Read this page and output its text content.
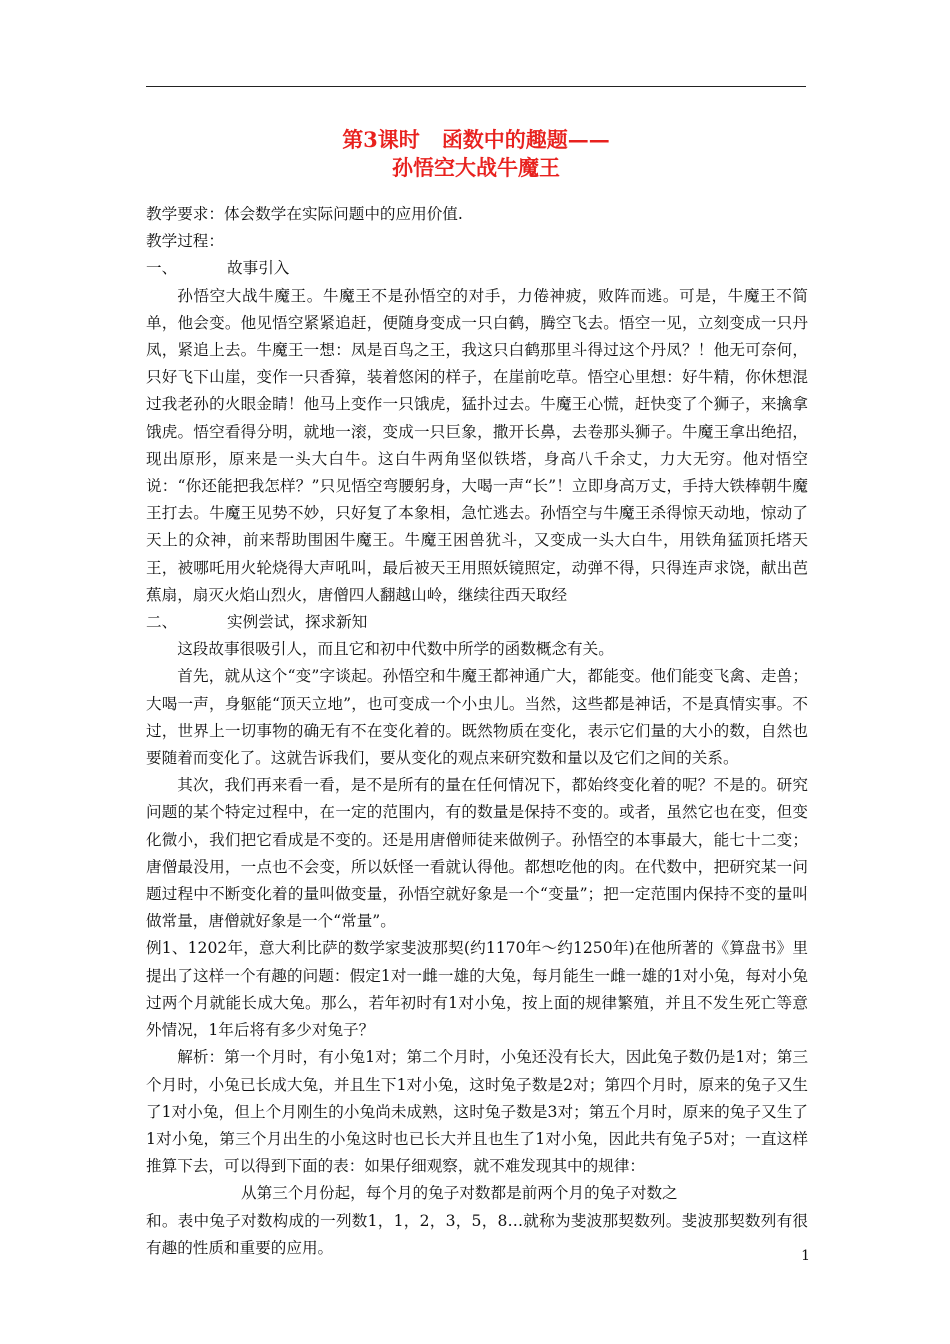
第3课时 函数中的趣题——
孙悟空大战牛魔王

教学要求：体会数学在实际问题中的应用价值.

教学过程：

一、	故事引入

孙悟空大战牛魔王。牛魔王不是孙悟空的对手，力倦神疲，败阵而逃。可是，牛魔王不简单，他会变。他见悟空紧紧追赶，便随身变成一只白鹤，腾空飞去。悟空一见，立刻变成一只丹凤，紧追上去。牛魔王一想：凤是百鸟之王，我这只白鹤那里斗得过这个丹凤？！他无可奈何，只好飞下山崖，变作一只香獐，装着悠闲的样子，在崖前吃草。悟空心里想：好牛精，你休想混过我老孙的火眼金睛！他马上变作一只饿虎，猛扑过去。牛魔王心慌，赶快变了个狮子，来擒拿饿虎。悟空看得分明，就地一滚，变成一只巨象，撒开长鼻，去卷那头狮子。牛魔王拿出绝招，现出原形，原来是一头大白牛。这白牛两角坚似铁塔，身高八千余丈，力大无穷。他对悟空说：“你还能把我怎样？”只见悟空弯腰躬身，大喝一声“长”！立即身高万丈，手持大铁棒朝牛魔王打去。牛魔王见势不妙，只好复了本象相，急忙逃去。孙悟空与牛魔王杀得惊天动地，惊动了天上的众神，前来帮助围困牛魔王。牛魔王困兽犹斗，又变成一头大白牛，用铁角猛顶托塔天王，被哪吒用火轮烧得大声吼叫，最后被天王用照妖镜照定，动弹不得，只得连声求饶，献出芭蕉扇，扇灭火焰山烈火，唐僧四人翻越山岭，继续往西天取经

二、	实例尝试，探求新知

这段故事很吸引人，而且它和初中代数中所学的函数概念有关。

首先，就从这个“变”字谈起。孙悟空和牛魔王都神通广大，都能变。他们能变飞禽、走兽；大喝一声，身躯能“顶天立地”，也可变成一个小虫儿。当然，这些都是神话，不是真情实事。不过，世界上一切事物的确无有不在变化着的。既然物质在变化，表示它们量的大小的数，自然也要随着而变化了。这就告诉我们，要从变化的观点来研究数和量以及它们之间的关系。

其次，我们再来看一看，是不是所有的量在任何情况下，都始终变化着的呢？不是的。研究问题的某个特定过程中，在一定的范围内，有的数量是保持不变的。或者，虽然它也在变，但变化微小，我们把它看成是不变的。还是用唐僧师徒来做例子。孙悟空的本事最大，能七十二变；唐僧最没用，一点也不会变，所以妖怪一看就认得他。都想吃他的肉。在代数中，把研究某一问题过程中不断变化着的量叫做变量，孙悟空就好象是一个“变量”；把一定范围内保持不变的量叫做常量，唐僧就好象是一个“常量”。

例1、1202年，意大利比萨的数学家斐波那契(约1170年～约1250年)在他所著的《算盘书》里提出了这样一个有趣的问题：假定1对一雌一雄的大兔，每月能生一雌一雄的1对小兔，每对小兔过两个月就能长成大兔。那么，若年初时有1对小兔，按上面的规律繁殖，并且不发生死亡等意外情况，1年后将有多少对兔子？

解析：第一个月时，有小兔1对；第二个月时，小兔还没有长大，因此兔子数仍是1对；第三个月时，小兔已长成大兔，并且生下1对小兔，这时兔子数是2对；第四个月时，原来的兔子又生了1对小兔，但上个月刚生的小兔尚未成熟，这时兔子数是3对；第五个月时，原来的兔子又生了1对小兔，第三个月出生的小兔这时也已长大并且也生了1对小兔，因此共有兔子5对；一直这样推算下去，可以得到下面的表：如果仔细观察，就不难发现其中的规律：

从第三个月份起，每个月的兔子对数都是前两个月的兔子对数之

和。表中兔子对数构成的一列数1，1，2，3，5，8…就称为斐波那契数列。斐波那契数列有很有趣的性质和重要的应用。	1
